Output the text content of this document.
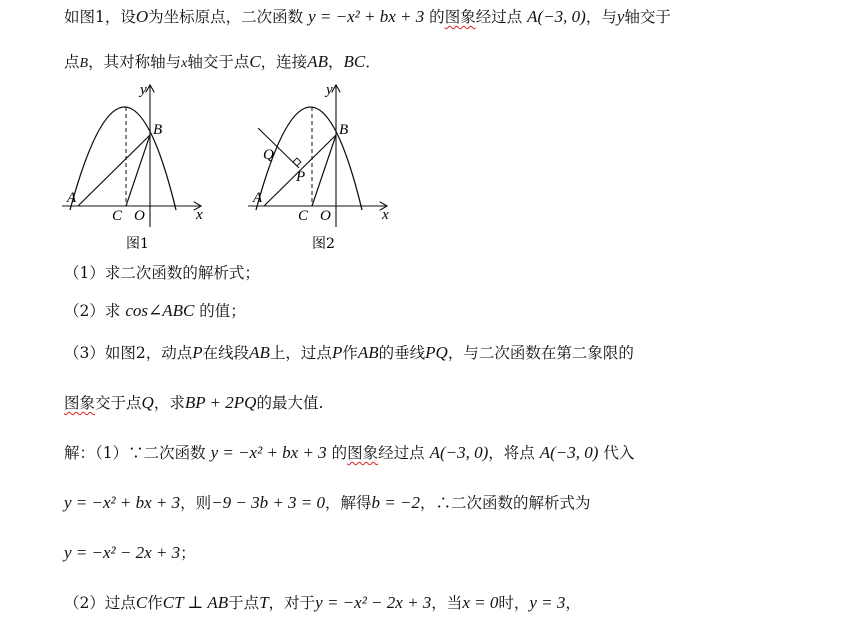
如图1，设O为坐标原点，二次函数 y = −x² + bx + 3 的图象经过点 A(−3, 0)，与y轴交于
点B，其对称轴与x轴交于点C，连接AB，BC．
y
x
A
B
C O
图1
y
x
A
B
C O
Q
P
图2
（1）求二次函数的解析式；
（2）求 cos∠ABC 的值；
（3）如图2，动点P在线段AB上，过点P作AB的垂线PQ，与二次函数在第二象限的
图象交于点Q，求BP + 2PQ的最大值.
解：（1）∵二次函数 y = −x² + bx + 3 的图象经过点 A(−3, 0)，将点 A(−3, 0) 代入
y = −x² + bx + 3，则−9 − 3b + 3 = 0，解得b = −2，∴二次函数的解析式为
y = −x² − 2x + 3；
（2）过点C作CT ⊥ AB于点T，对于y = −x² − 2x + 3，当x = 0时，y = 3，
